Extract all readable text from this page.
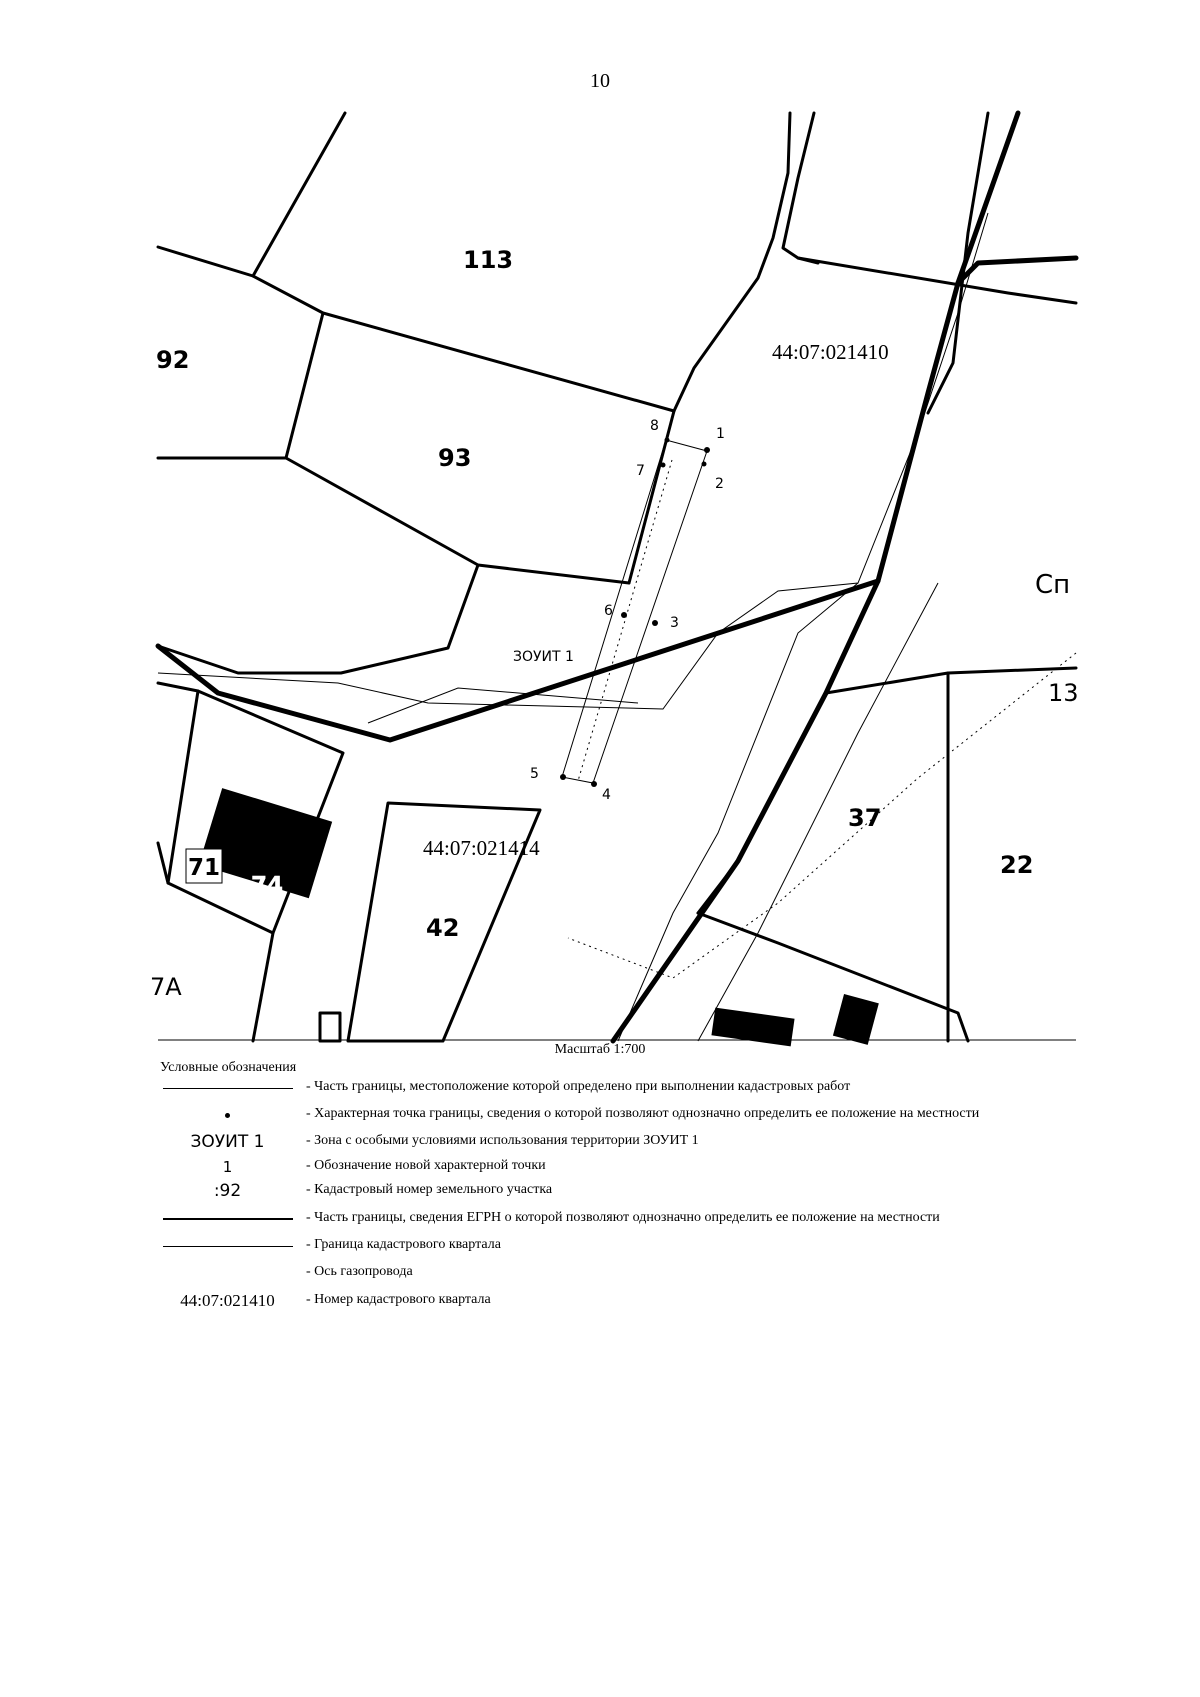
10
113
92
93
37
22
42
71
74
7А
13
Сп
ЗОУИТ 1
44:07:021410
44:07:021414
1
2
3
4
5
6
7
8
Масштаб 1:700
Условные обозначения
- Часть границы, местоположение которой определено при выполнении кадастровых работ
- Характерная точка границы, сведения о которой позволяют однозначно определить ее положение на местности
ЗОУИТ 1	- Зона с особыми условиями использования территории ЗОУИТ 1
1	- Обозначение новой характерной точки
:92	- Кадастровый номер земельного участка
- Часть границы, сведения ЕГРН о которой позволяют однозначно определить ее положение на местности
- Граница кадастрового квартала
- Ось газопровода
44:07:021410	- Номер кадастрового квартала
